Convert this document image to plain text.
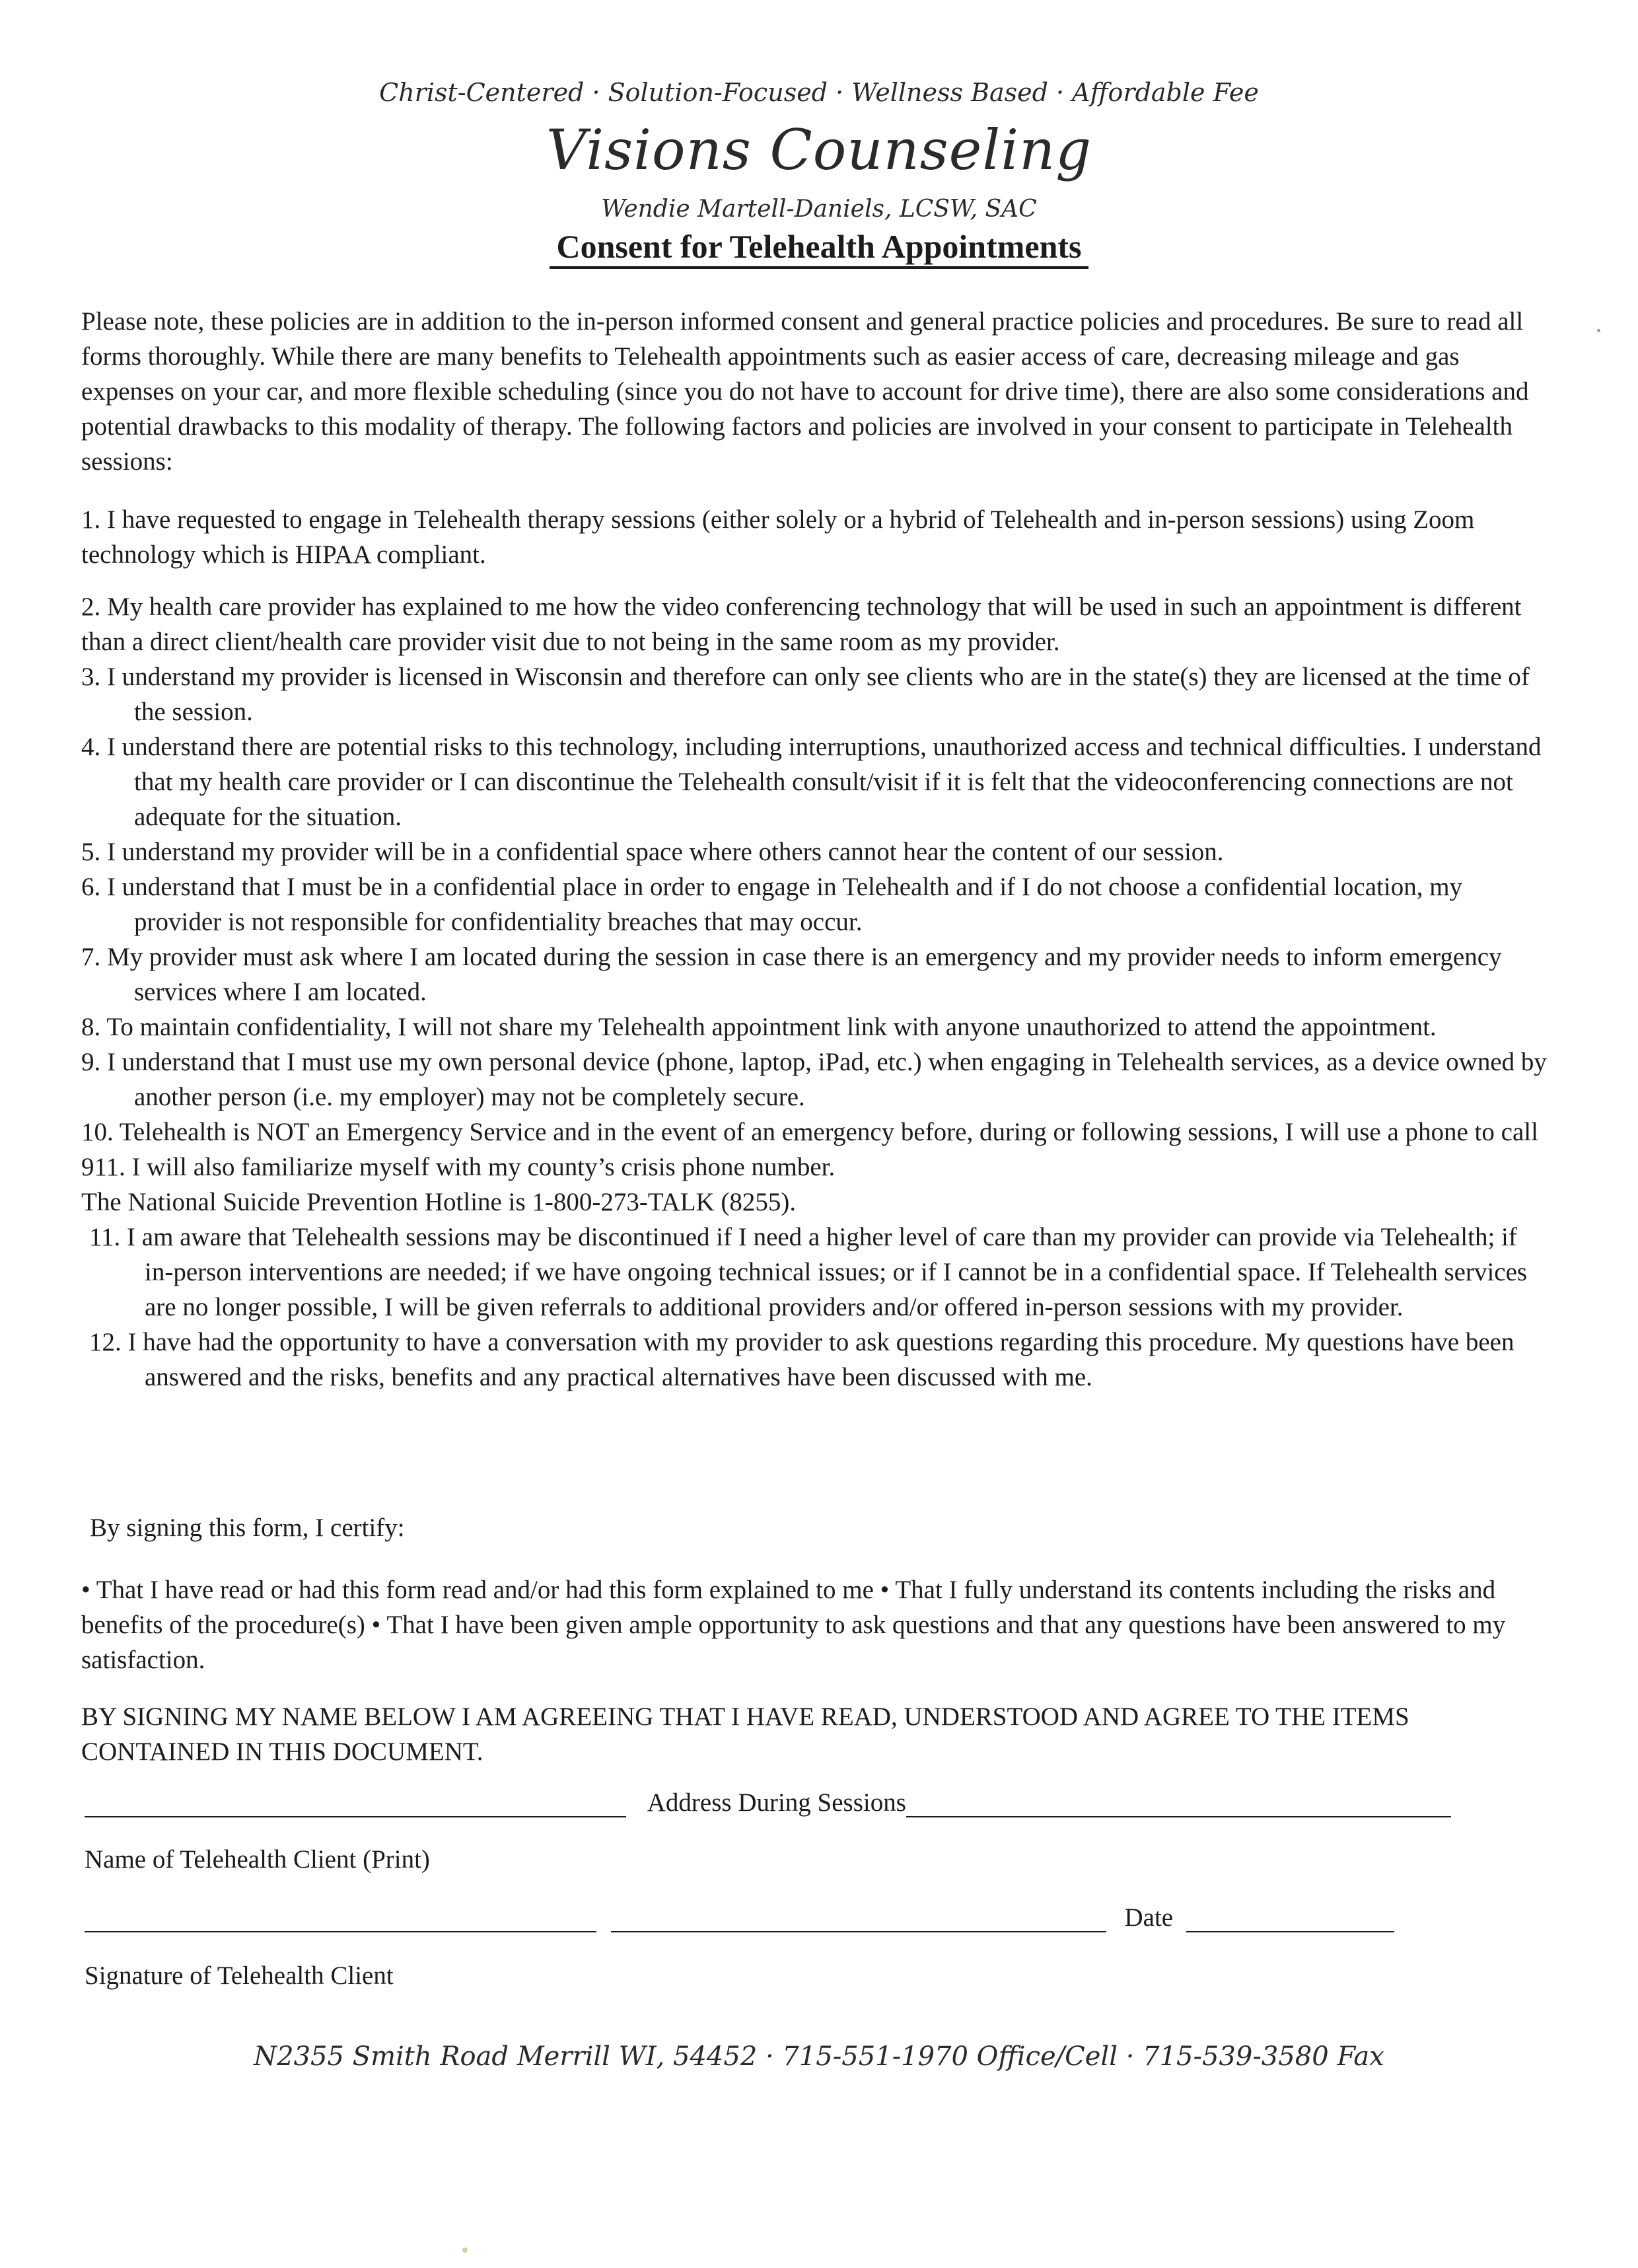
Christ-Centered · Solution-Focused · Wellness Based · Affordable Fee
Visions Counseling
Wendie Martell-Daniels, LCSW, SAC
Consent for Telehealth Appointments
Please note, these policies are in addition to the in-person informed consent and general practice policies and procedures. Be sure to read all forms thoroughly. While there are many benefits to Telehealth appointments such as easier access of care, decreasing mileage and gas expenses on your car, and more flexible scheduling (since you do not have to account for drive time), there are also some considerations and potential drawbacks to this modality of therapy. The following factors and policies are involved in your consent to participate in Telehealth sessions:
1. I have requested to engage in Telehealth therapy sessions (either solely or a hybrid of Telehealth and in-person sessions) using Zoom technology which is HIPAA compliant.
2. My health care provider has explained to me how the video conferencing technology that will be used in such an appointment is different than a direct client/health care provider visit due to not being in the same room as my provider.
3. I understand my provider is licensed in Wisconsin and therefore can only see clients who are in the state(s) they are licensed at the time of the session.
4. I understand there are potential risks to this technology, including interruptions, unauthorized access and technical difficulties. I understand that my health care provider or I can discontinue the Telehealth consult/visit if it is felt that the videoconferencing connections are not adequate for the situation.
5. I understand my provider will be in a confidential space where others cannot hear the content of our session.
6. I understand that I must be in a confidential place in order to engage in Telehealth and if I do not choose a confidential location, my provider is not responsible for confidentiality breaches that may occur.
7. My provider must ask where I am located during the session in case there is an emergency and my provider needs to inform emergency services where I am located.
8. To maintain confidentiality, I will not share my Telehealth appointment link with anyone unauthorized to attend the appointment.
9. I understand that I must use my own personal device (phone, laptop, iPad, etc.) when engaging in Telehealth services, as a device owned by another person (i.e. my employer) may not be completely secure.
10. Telehealth is NOT an Emergency Service and in the event of an emergency before, during or following sessions, I will use a phone to call 911. I will also familiarize myself with my county’s crisis phone number.
The National Suicide Prevention Hotline is 1-800-273-TALK (8255).
11. I am aware that Telehealth sessions may be discontinued if I need a higher level of care than my provider can provide via Telehealth; if in-person interventions are needed; if we have ongoing technical issues; or if I cannot be in a confidential space. If Telehealth services are no longer possible, I will be given referrals to additional providers and/or offered in-person sessions with my provider.
12. I have had the opportunity to have a conversation with my provider to ask questions regarding this procedure. My questions have been answered and the risks, benefits and any practical alternatives have been discussed with me.
By signing this form, I certify:
• That I have read or had this form read and/or had this form explained to me • That I fully understand its contents including the risks and benefits of the procedure(s) • That I have been given ample opportunity to ask questions and that any questions have been answered to my satisfaction.
BY SIGNING MY NAME BELOW I AM AGREEING THAT I HAVE READ, UNDERSTOOD AND AGREE TO THE ITEMS CONTAINED IN THIS DOCUMENT.
Address During Sessions
Name of Telehealth Client (Print)
Date
Signature of Telehealth Client
N2355 Smith Road Merrill WI, 54452 · 715-551-1970 Office/Cell · 715-539-3580 Fax
